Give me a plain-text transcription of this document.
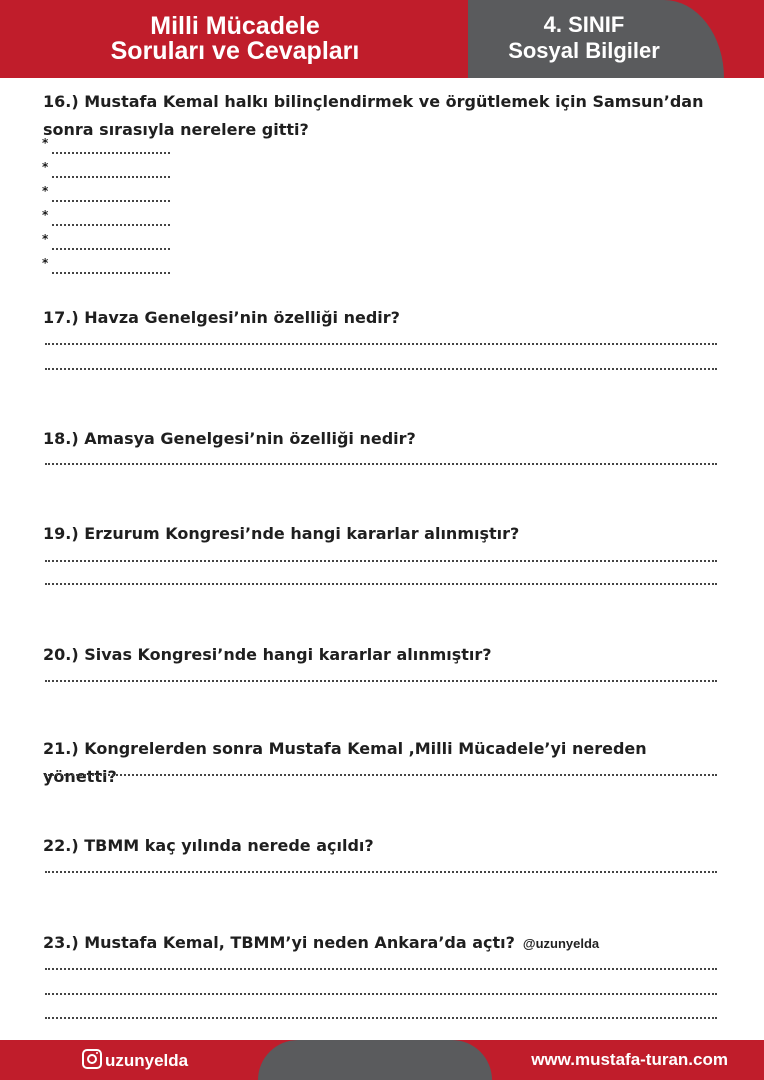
Milli Mücadele
Soruları ve Cevapları
4. SINIF
Sosyal Bilgiler
16.) Mustafa Kemal halkı bilinçlendirmek ve örgütlemek için Samsun’dan sonra sırasıyla nerelere gitti?
*
*
*
*
*
*
17.) Havza Genelgesi’nin özelliği nedir?
18.) Amasya Genelgesi’nin özelliği nedir?
19.) Erzurum Kongresi’nde hangi kararlar alınmıştır?
20.) Sivas Kongresi’nde hangi kararlar alınmıştır?
21.) Kongrelerden sonra Mustafa Kemal ,Milli Mücadele’yi nereden yönetti?
22.) TBMM kaç yılında nerede açıldı?
23.) Mustafa Kemal, TBMM’yi neden Ankara’da açtı? @uzunyelda
uzunyelda	www.mustafa-turan.com
